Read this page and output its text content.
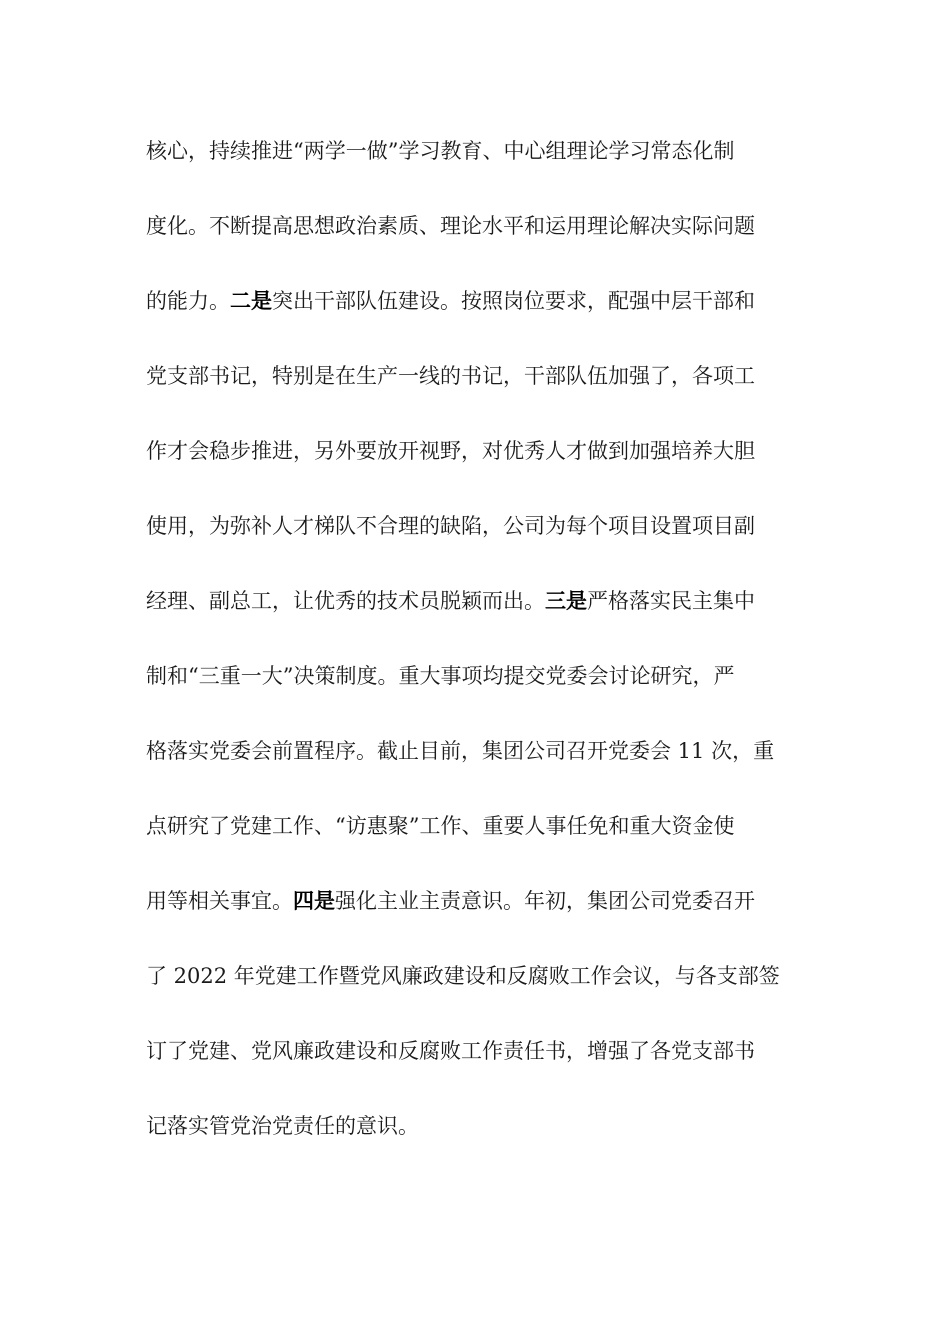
核心，持续推进“两学一做”学习教育、中心组理论学习常态化制
度化。不断提高思想政治素质、理论水平和运用理论解决实际问题
的能力。二是突出干部队伍建设。按照岗位要求，配强中层干部和
党支部书记，特别是在生产一线的书记，干部队伍加强了，各项工
作才会稳步推进，另外要放开视野，对优秀人才做到加强培养大胆
使用，为弥补人才梯队不合理的缺陷，公司为每个项目设置项目副
经理、副总工，让优秀的技术员脱颖而出。三是严格落实民主集中
制和“三重一大”决策制度。重大事项均提交党委会讨论研究，严
格落实党委会前置程序。截止目前，集团公司召开党委会 11 次，重
点研究了党建工作、“访惠聚”工作、重要人事任免和重大资金使
用等相关事宜。四是强化主业主责意识。年初，集团公司党委召开
了 2022 年党建工作暨党风廉政建设和反腐败工作会议，与各支部签
订了党建、党风廉政建设和反腐败工作责任书，增强了各党支部书
记落实管党治党责任的意识。
